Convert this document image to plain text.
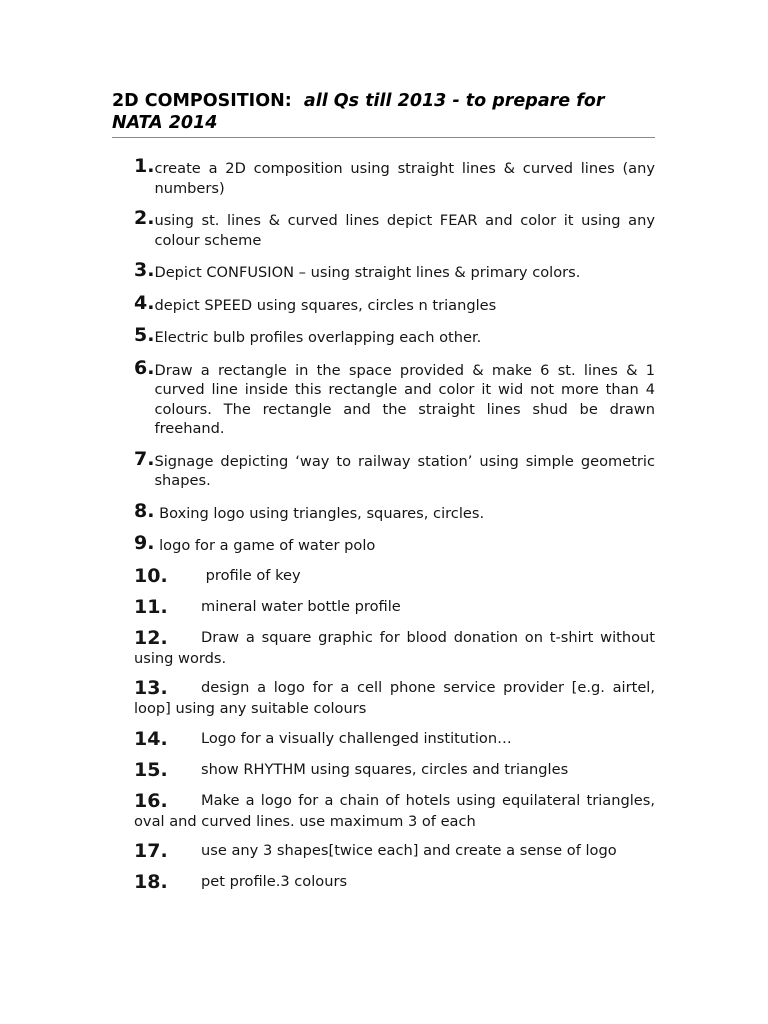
2D COMPOSITION: all Qs till 2013 - to prepare for NATA 2014
1. create a 2D composition using straight lines & curved lines (any numbers)
2. using st. lines & curved lines depict FEAR and color it using any colour scheme
3. Depict CONFUSION – using straight lines & primary colors.
4. depict SPEED using squares, circles n triangles
5. Electric bulb profiles overlapping each other.
6. Draw a rectangle in the space provided & make 6 st. lines & 1 curved line inside this rectangle and color it wid not more than 4 colours. The rectangle and the straight lines shud be drawn freehand.
7. Signage depicting ‘way to railway station’ using simple geometric shapes.
8. Boxing logo using triangles, squares, circles.
9. logo for a game of water polo
10. profile of key
11. mineral water bottle profile
12. Draw a square graphic for blood donation on t-shirt without using words.
13. design a logo for a cell phone service provider [e.g. airtel, loop] using any suitable colours
14. Logo for a visually challenged institution…
15. show RHYTHM using squares, circles and triangles
16. Make a logo for a chain of hotels using equilateral triangles, oval and curved lines. use maximum 3 of each
17. use any 3 shapes[twice each] and create a sense of logo
18. pet profile.3 colours
